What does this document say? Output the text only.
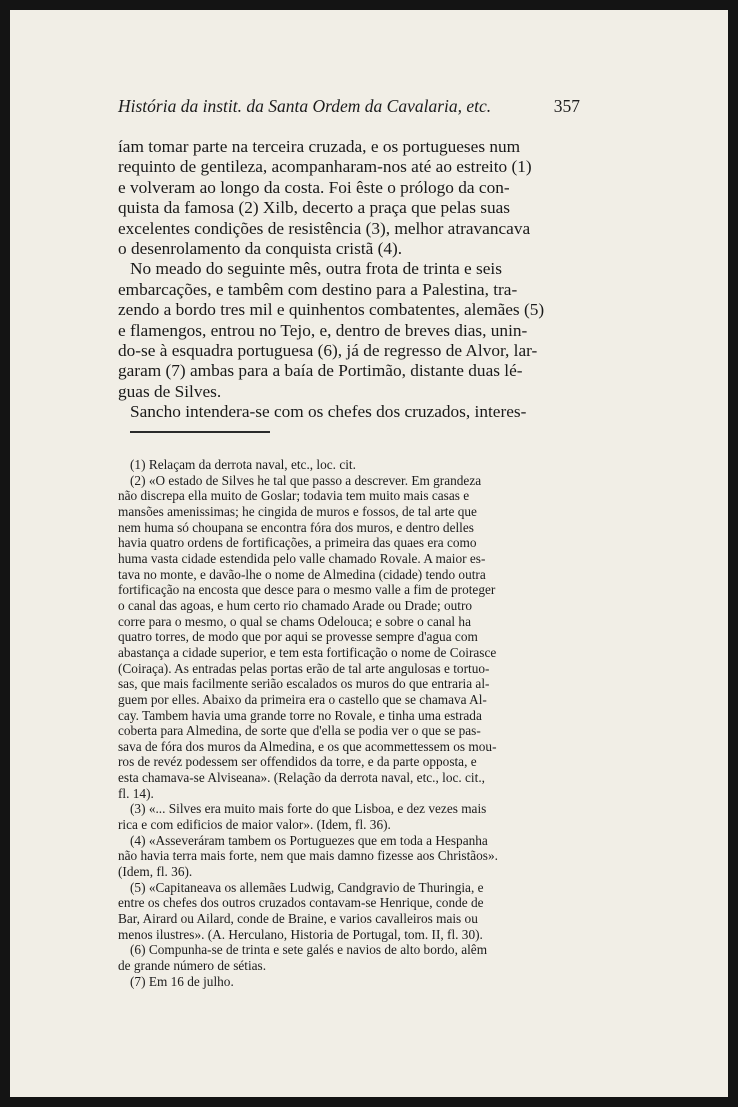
História da instit. da Santa Ordem da Cavalaria, etc.	357
íam tomar parte na terceira cruzada, e os portugueses num
requinto de gentileza, acompanharam-nos até ao estreito (1)
e volveram ao longo da costa. Foi êste o prólogo da con-
quista da famosa (2) Xilb, decerto a praça que pelas suas
excelentes condições de resistência (3), melhor atravancava
o desenrolamento da conquista cristã (4).
No meado do seguinte mês, outra frota de trinta e seis
embarcações, e tambêm com destino para a Palestina, tra-
zendo a bordo tres mil e quinhentos combatentes, alemães (5)
e flamengos, entrou no Tejo, e, dentro de breves dias, unin-
do-se à esquadra portuguesa (6), já de regresso de Alvor, lar-
garam (7) ambas para a baía de Portimão, distante duas lé-
guas de Silves.
Sancho intendera-se com os chefes dos cruzados, interes-
(1) Relaçam da derrota naval, etc., loc. cit.
(2) «O estado de Silves he tal que passo a descrever. Em grandeza
não discrepa ella muito de Goslar; todavia tem muito mais casas e
mansões amenissimas; he cingida de muros e fossos, de tal arte que
nem huma só choupana se encontra fóra dos muros, e dentro delles
havia quatro ordens de fortificações, a primeira das quaes era como
huma vasta cidade estendida pelo valle chamado Rovale. A maior es-
tava no monte, e davão-lhe o nome de Almedina (cidade) tendo outra
fortificação na encosta que desce para o mesmo valle a fim de proteger
o canal das agoas, e hum certo rio chamado Arade ou Drade; outro
corre para o mesmo, o qual se chams Odelouca; e sobre o canal ha
quatro torres, de modo que por aqui se provesse sempre d'agua com
abastança a cidade superior, e tem esta fortificação o nome de Coirasce
(Coiraça). As entradas pelas portas erão de tal arte angulosas e tortuo-
sas, que mais facilmente serião escalados os muros do que entraria al-
guem por elles. Abaixo da primeira era o castello que se chamava Al-
cay. Tambem havia uma grande torre no Rovale, e tinha uma estrada
coberta para Almedina, de sorte que d'ella se podia ver o que se pas-
sava de fóra dos muros da Almedina, e os que acommettessem os mou-
ros de revéz podessem ser offendidos da torre, e da parte opposta, e
esta chamava-se Alviseana». (Relação da derrota naval, etc., loc. cit.,
fl. 14).
(3) «... Silves era muito mais forte do que Lisboa, e dez vezes mais
rica e com edificios de maior valor». (Idem, fl. 36).
(4) «Asseveráram tambem os Portuguezes que em toda a Hespanha
não havia terra mais forte, nem que mais damno fizesse aos Christãos».
(Idem, fl. 36).
(5) «Capitaneava os allemães Ludwig, Candgravio de Thuringia, e
entre os chefes dos outros cruzados contavam-se Henrique, conde de
Bar, Airard ou Ailard, conde de Braine, e varios cavalleiros mais ou
menos ilustres». (A. Herculano, Historia de Portugal, tom. II, fl. 30).
(6) Compunha-se de trinta e sete galés e navios de alto bordo, alêm
de grande número de sétias.
(7) Em 16 de julho.
